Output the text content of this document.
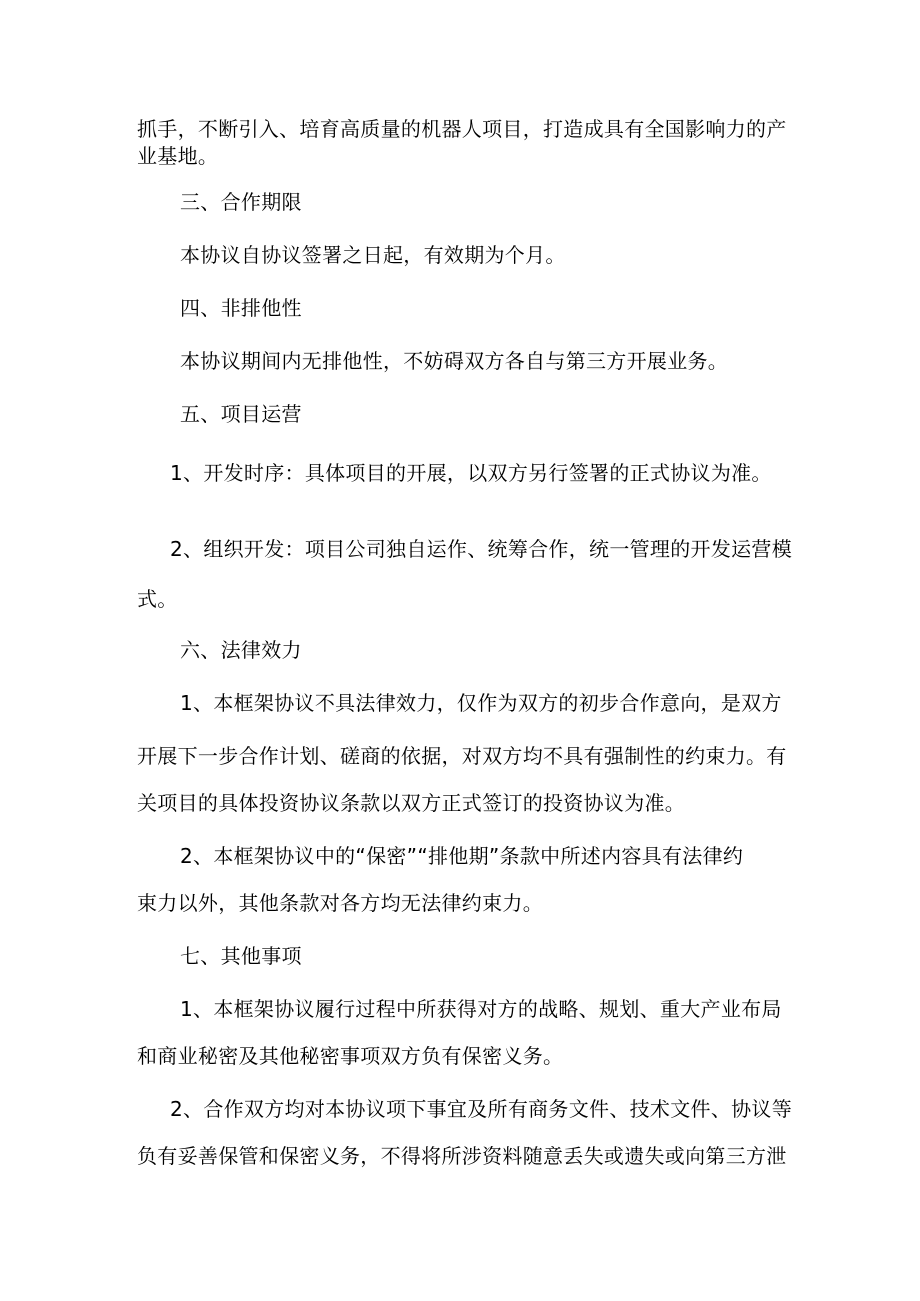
抓手，不断引入、培育高质量的机器人项目，打造成具有全国影响力的产
业基地。
三、合作期限
本协议自协议签署之日起，有效期为个月。
四、非排他性
本协议期间内无排他性，不妨碍双方各自与第三方开展业务。
五、项目运营
1、开发时序：具体项目的开展，以双方另行签署的正式协议为准。
2、组织开发：项目公司独自运作、统筹合作，统一管理的开发运营模
式。
六、法律效力
1、本框架协议不具法律效力，仅作为双方的初步合作意向，是双方
开展下一步合作计划、磋商的依据，对双方均不具有强制性的约束力。有
关项目的具体投资协议条款以双方正式签订的投资协议为准。
2、本框架协议中的“保密”“排他期”条款中所述内容具有法律约
束力以外，其他条款对各方均无法律约束力。
七、其他事项
1、本框架协议履行过程中所获得对方的战略、规划、重大产业布局
和商业秘密及其他秘密事项双方负有保密义务。
2、合作双方均对本协议项下事宜及所有商务文件、技术文件、协议等
负有妥善保管和保密义务，不得将所涉资料随意丢失或遗失或向第三方泄
